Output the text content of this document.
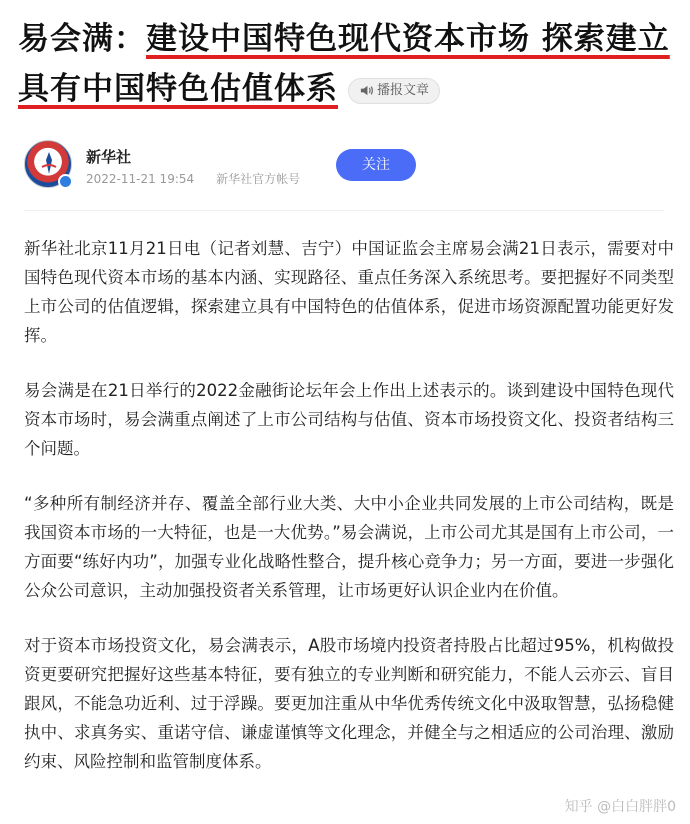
易会满：建设中国特色现代资本市场 探索建立具有中国特色估值体系	播报文章
新华社
2022-11-21 19:54 新华社官方帐号
关注

新华社北京11月21日电（记者刘慧、吉宁）中国证监会主席易会满21日表示，需要对中国特色现代资本市场的基本内涵、实现路径、重点任务深入系统思考。要把握好不同类型上市公司的估值逻辑，探索建立具有中国特色的估值体系，促进市场资源配置功能更好发挥。

易会满是在21日举行的2022金融街论坛年会上作出上述表示的。谈到建设中国特色现代资本市场时，易会满重点阐述了上市公司结构与估值、资本市场投资文化、投资者结构三个问题。

“多种所有制经济并存、覆盖全部行业大类、大中小企业共同发展的上市公司结构，既是我国资本市场的一大特征，也是一大优势。”易会满说，上市公司尤其是国有上市公司，一方面要“练好内功”，加强专业化战略性整合，提升核心竞争力；另一方面，要进一步强化公众公司意识，主动加强投资者关系管理，让市场更好认识企业内在价值。

对于资本市场投资文化，易会满表示，A股市场境内投资者持股占比超过95%，机构做投资更要研究把握好这些基本特征，要有独立的专业判断和研究能力，不能人云亦云、盲目跟风，不能急功近利、过于浮躁。要更加注重从中华优秀传统文化中汲取智慧，弘扬稳健执中、求真务实、重诺守信、谦虚谨慎等文化理念，并健全与之相适应的公司治理、激励约束、风险控制和监管制度体系。

知乎 @白白胖胖0
